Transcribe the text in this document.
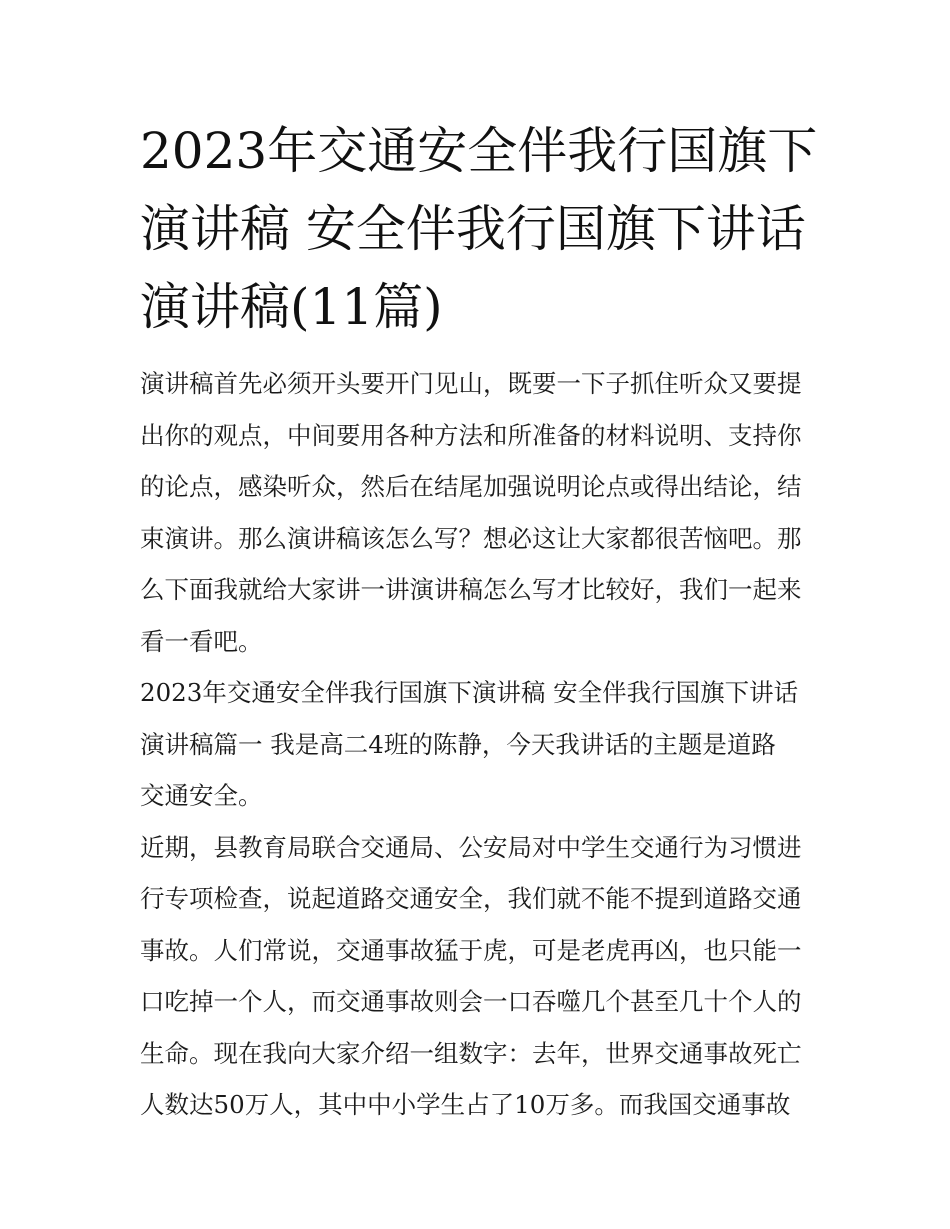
2023年交通安全伴我行国旗下
演讲稿 安全伴我行国旗下讲话
演讲稿(11篇)

演讲稿首先必须开头要开门见山，既要一下子抓住听众又要提
出你的观点，中间要用各种方法和所准备的材料说明、支持你
的论点，感染听众，然后在结尾加强说明论点或得出结论，结
束演讲。那么演讲稿该怎么写？想必这让大家都很苦恼吧。那
么下面我就给大家讲一讲演讲稿怎么写才比较好，我们一起来
看一看吧。

2023年交通安全伴我行国旗下演讲稿 安全伴我行国旗下讲话
演讲稿篇一 我是高二4班的陈静，今天我讲话的主题是道路
交通安全。

近期，县教育局联合交通局、公安局对中学生交通行为习惯进
行专项检查，说起道路交通安全，我们就不能不提到道路交通
事故。人们常说，交通事故猛于虎，可是老虎再凶，也只能一
口吃掉一个人，而交通事故则会一口吞噬几个甚至几十个人的
生命。现在我向大家介绍一组数字：去年，世界交通事故死亡
人数达50万人，其中中小学生占了10万多。而我国交通事故
